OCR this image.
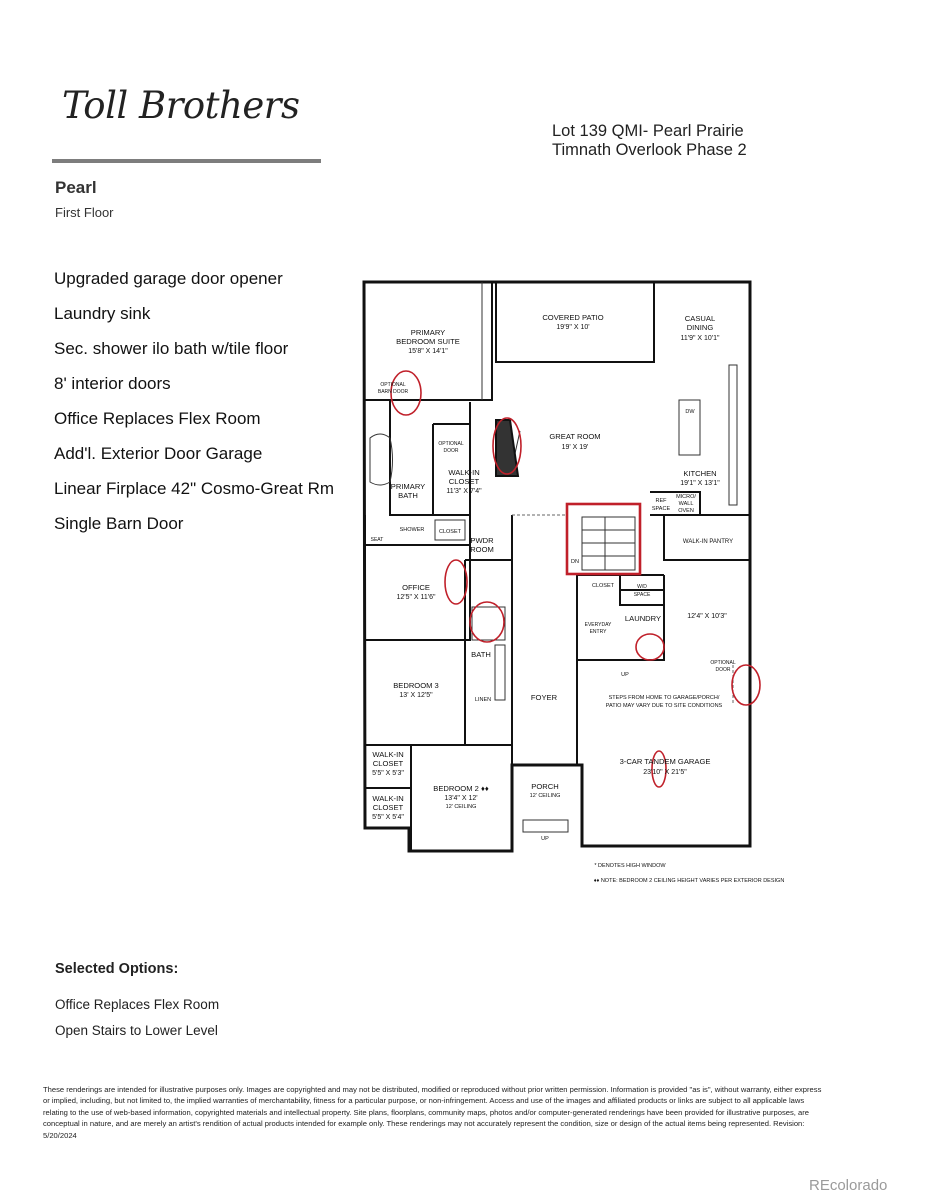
Toll Brothers
Lot 139 QMI- Pearl Prairie
Timnath Overlook Phase 2
Pearl
First Floor
Upgraded garage door opener
Laundry sink
Sec. shower ilo bath w/tile floor
8' interior doors
Office Replaces Flex Room
Add'l. Exterior Door Garage
Linear Firplace 42" Cosmo-Great Rm
Single Barn Door
PRIMARY
BEDROOM SUITE
15'8" X 14'1"
COVERED PATIO
19'9" X 10'
CASUAL
DINING
11'9" X 10'1"
OPTIONAL
BARN DOOR
GREAT ROOM
19' X 19'
DW
OPTIONAL
DOOR
WALK-IN
CLOSET
11'3" X 7'4"
PRIMARY
BATH
KITCHEN
19'1" X 13'1"
REF
SPACE
MICRO/
WALL
OVEN
SHOWER
SEAT
CLOSET
PWDR
ROOM
WALK-IN PANTRY
DN
OFFICE
12'5" X 11'6"
CLOSET	W/D
SPACE
12'4" X 10'3"
EVERYDAY
ENTRY
LAUNDRY
BATH
UP
OPTIONAL
DOOR
BEDROOM 3
13' X 12'5"
LINEN	FOYER	STEPS FROM HOME TO GARAGE/PORCH/
PATIO MAY VARY DUE TO SITE CONDITIONS
3-CAR TANDEM GARAGE
23'10" X 21'5"
WALK-IN
CLOSET
5'5" X 5'3"
BEDROOM 2 ♦♦
13'4" X 12'
12' CEILING
PORCH
12' CEILING
WALK-IN
CLOSET
5'5" X 5'4"
UP
* DENOTES HIGH WINDOW
♦♦ NOTE: BEDROOM 2 CEILING HEIGHT VARIES PER EXTERIOR DESIGN
Selected Options:
Office Replaces Flex Room
Open Stairs to Lower Level
These renderings are intended for illustrative purposes only. Images are copyrighted and may not be distributed, modified or reproduced without prior written permission. Information is provided "as is", without warranty, either express or implied, including, but not limited to, the implied warranties of merchantability, fitness for a particular purpose, or non-infringement. Access and use of the images and affiliated products or links are subject to all applicable laws relating to the use of web-based information, copyrighted materials and intellectual property. Site plans, floorplans, community maps, photos and/or computer-generated renderings have been provided for illustrative purposes, are conceptual in nature, and are merely an artist's rendition of actual products intended for example only. These renderings may not accurately represent the condition, size or design of the actual items being represented. Revision: 5/20/2024
REcolorado
